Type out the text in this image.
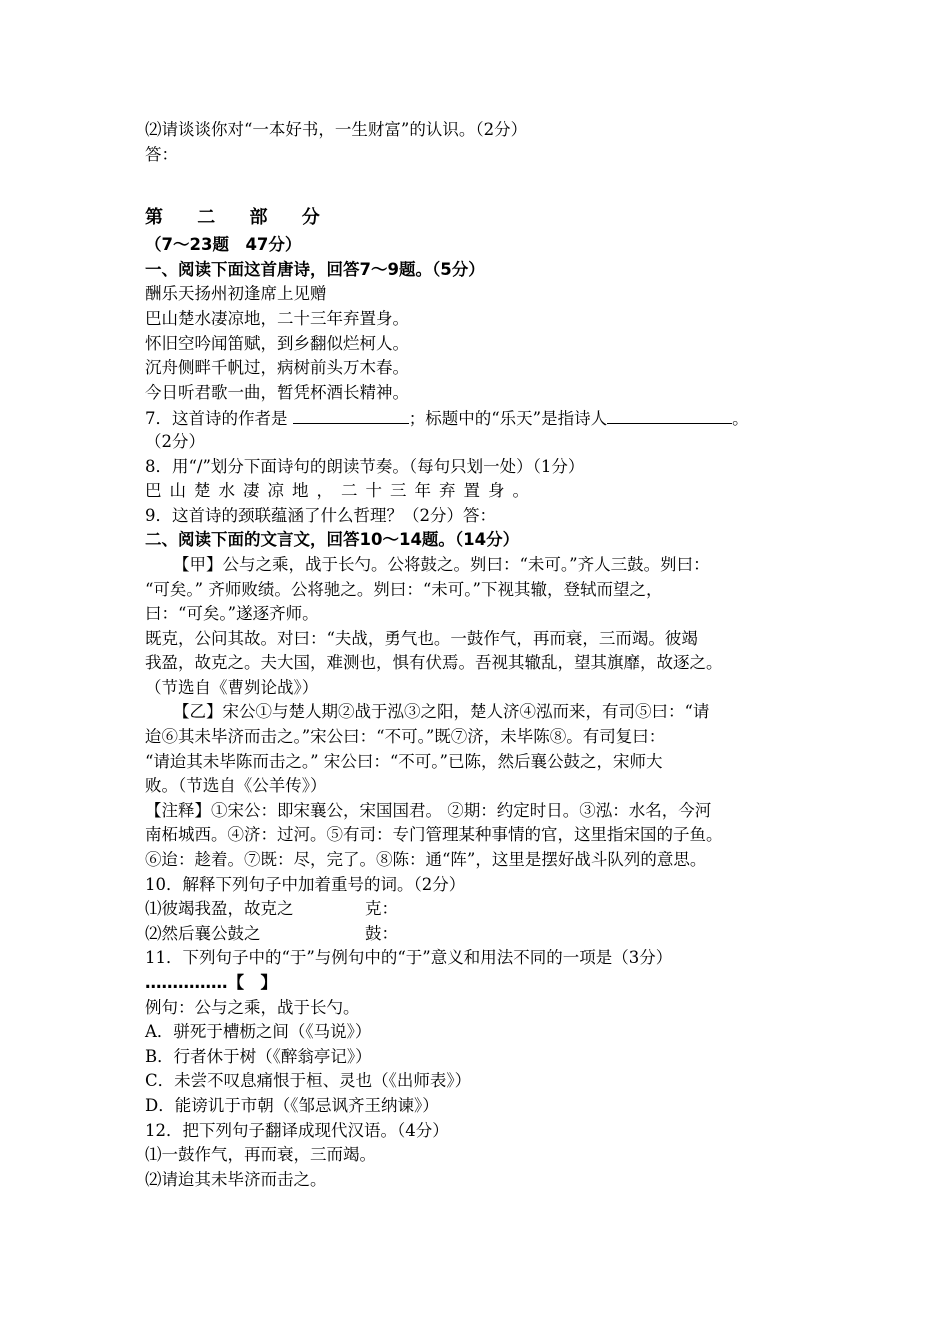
⑵请谈谈你对“一本好书，一生财富”的认识。（2分）
答：
第 二 部 分
（7～23题　47分）
一、阅读下面这首唐诗，回答7～9题。（5分）
酬乐天扬州初逢席上见赠
巴山楚水凄凉地，二十三年弃置身。
怀旧空吟闻笛赋，到乡翻似烂柯人。
沉舟侧畔千帆过，病树前头万木春。
今日听君歌一曲，暂凭杯酒长精神。
7．这首诗的作者是	；标题中的“乐天”是指诗人	。
（2分）
8．用“/”划分下面诗句的朗读节奏。（每句只划一处）（1分）
巴山楚水凄凉地，二十三年弃置身。
9．这首诗的颈联蕴涵了什么哲理？（2分）答：
二、阅读下面的文言文，回答10～14题。（14分）
【甲】公与之乘，战于长勺。公将鼓之。刿曰：“未可。”齐人三鼓。刿曰：
“可矣。” 齐师败绩。公将驰之。刿曰：“未可。”下视其辙，登轼而望之，
曰：“可矣。”遂逐齐师。
既克，公问其故。对曰：“夫战，勇气也。一鼓作气，再而衰，三而竭。彼竭
我盈，故克之。夫大国，难测也，惧有伏焉。吾视其辙乱，望其旗靡，故逐之。
（节选自《曹刿论战》）
【乙】宋公①与楚人期②战于泓③之阳，楚人济④泓而来，有司⑤曰：“请
迨⑥其未毕济而击之。”宋公曰：“不可。”既⑦济，未毕陈⑧。有司复曰：
“请迨其未毕陈而击之。” 宋公曰：“不可。”已陈，然后襄公鼓之，宋师大
败。（节选自《公羊传》）
【注释】①宋公：即宋襄公，宋国国君。 ②期：约定时日。③泓：水名，今河
南柘城西。④济：过河。⑤有司：专门管理某种事情的官，这里指宋国的子鱼。
⑥迨：趁着。⑦既：尽，完了。⑧陈：通“阵”，这里是摆好战斗队列的意思。
10．解释下列句子中加着重号的词。（2分）
⑴彼竭我盈，故克之	克：
⑵然后襄公鼓之	鼓：
11．下列句子中的“于”与例句中的“于”意义和用法不同的一项是（3分）
……………【　】
例句：公与之乘，战于长勺。
A．骈死于槽枥之间（《马说》）
B．行者休于树（《醉翁亭记》）
C．未尝不叹息痛恨于桓、灵也（《出师表》）
D．能谤讥于市朝（《邹忌讽齐王纳谏》）
12．把下列句子翻译成现代汉语。（4分）
⑴一鼓作气，再而衰，三而竭。
⑵请迨其未毕济而击之。
